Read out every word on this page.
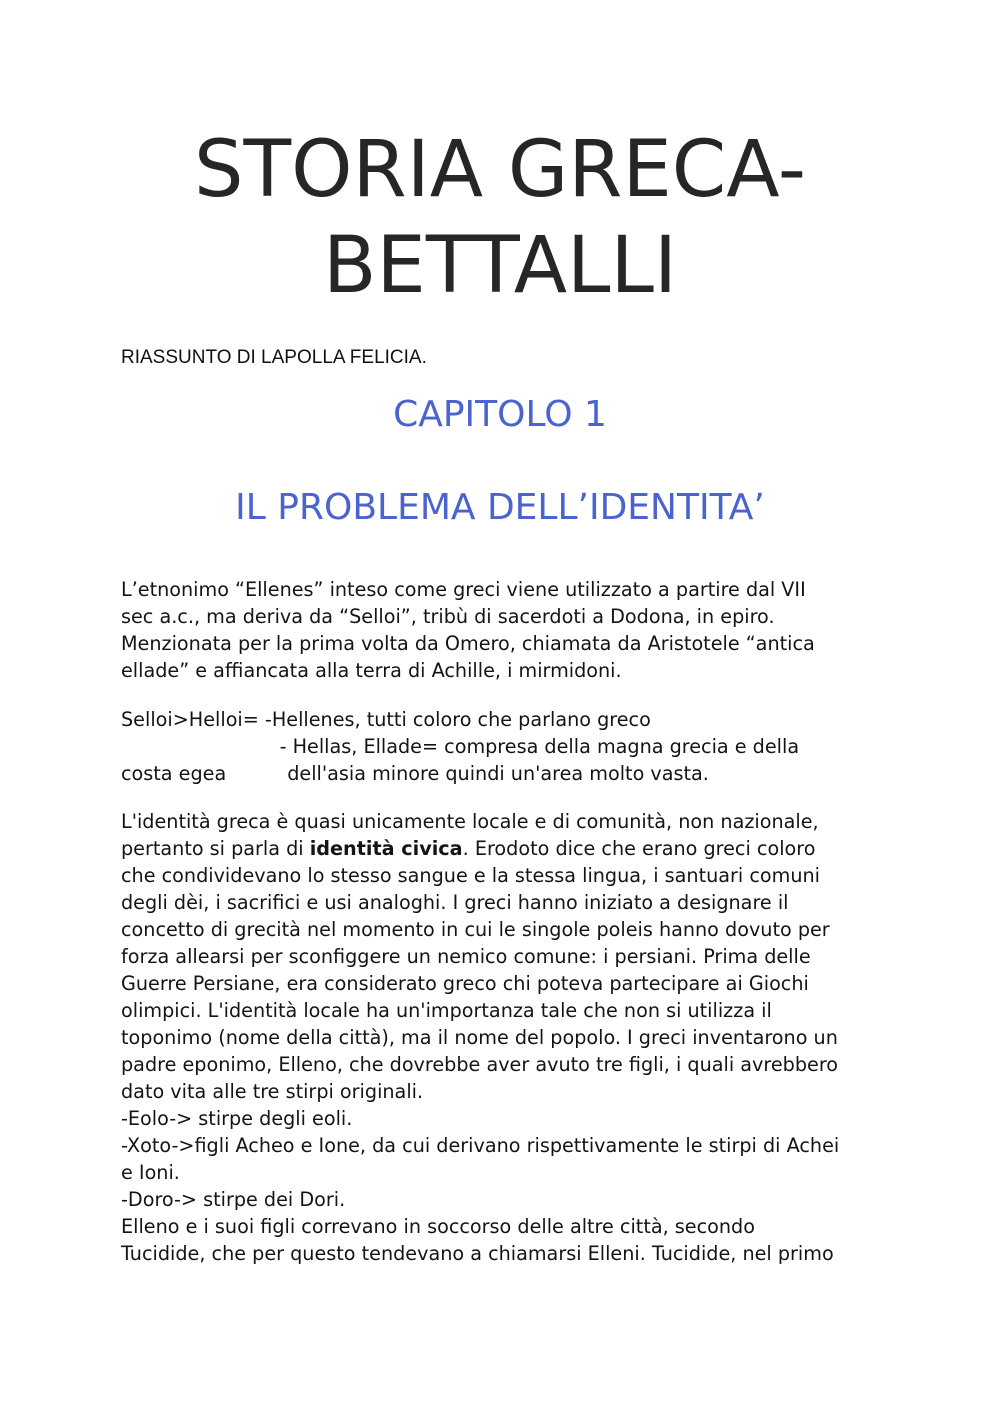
STORIA GRECA-
BETTALLI

RIASSUNTO DI LAPOLLA FELICIA.

CAPITOLO 1
IL PROBLEMA DELL’IDENTITA’

L’etnonimo “Ellenes” inteso come greci viene utilizzato a partire dal VII
sec a.c., ma deriva da “Selloi”, tribù di sacerdoti a Dodona, in epiro.
Menzionata per la prima volta da Omero, chiamata da Aristotele “antica
ellade” e affiancata alla terra di Achille, i mirmidoni.

Selloi>Helloi= -Hellenes, tutti coloro che parlano greco
- Hellas, Ellade= compresa della magna grecia e della
costa egea          dell'asia minore quindi un'area molto vasta.

L'identità greca è quasi unicamente locale e di comunità, non nazionale,
pertanto si parla di identità civica. Erodoto dice che erano greci coloro
che condividevano lo stesso sangue e la stessa lingua, i santuari comuni
degli dèi, i sacrifici e usi analoghi. I greci hanno iniziato a designare il
concetto di grecità nel momento in cui le singole poleis hanno dovuto per
forza allearsi per sconfiggere un nemico comune: i persiani. Prima delle
Guerre Persiane, era considerato greco chi poteva partecipare ai Giochi
olimpici. L'identità locale ha un'importanza tale che non si utilizza il
toponimo (nome della città), ma il nome del popolo. I greci inventarono un
padre eponimo, Elleno, che dovrebbe aver avuto tre figli, i quali avrebbero
dato vita alle tre stirpi originali.
-Eolo-> stirpe degli eoli.
-Xoto->figli Acheo e Ione, da cui derivano rispettivamente le stirpi di Achei
e Ioni.
-Doro-> stirpe dei Dori.
Elleno e i suoi figli correvano in soccorso delle altre città, secondo
Tucidide, che per questo tendevano a chiamarsi Elleni. Tucidide, nel primo
